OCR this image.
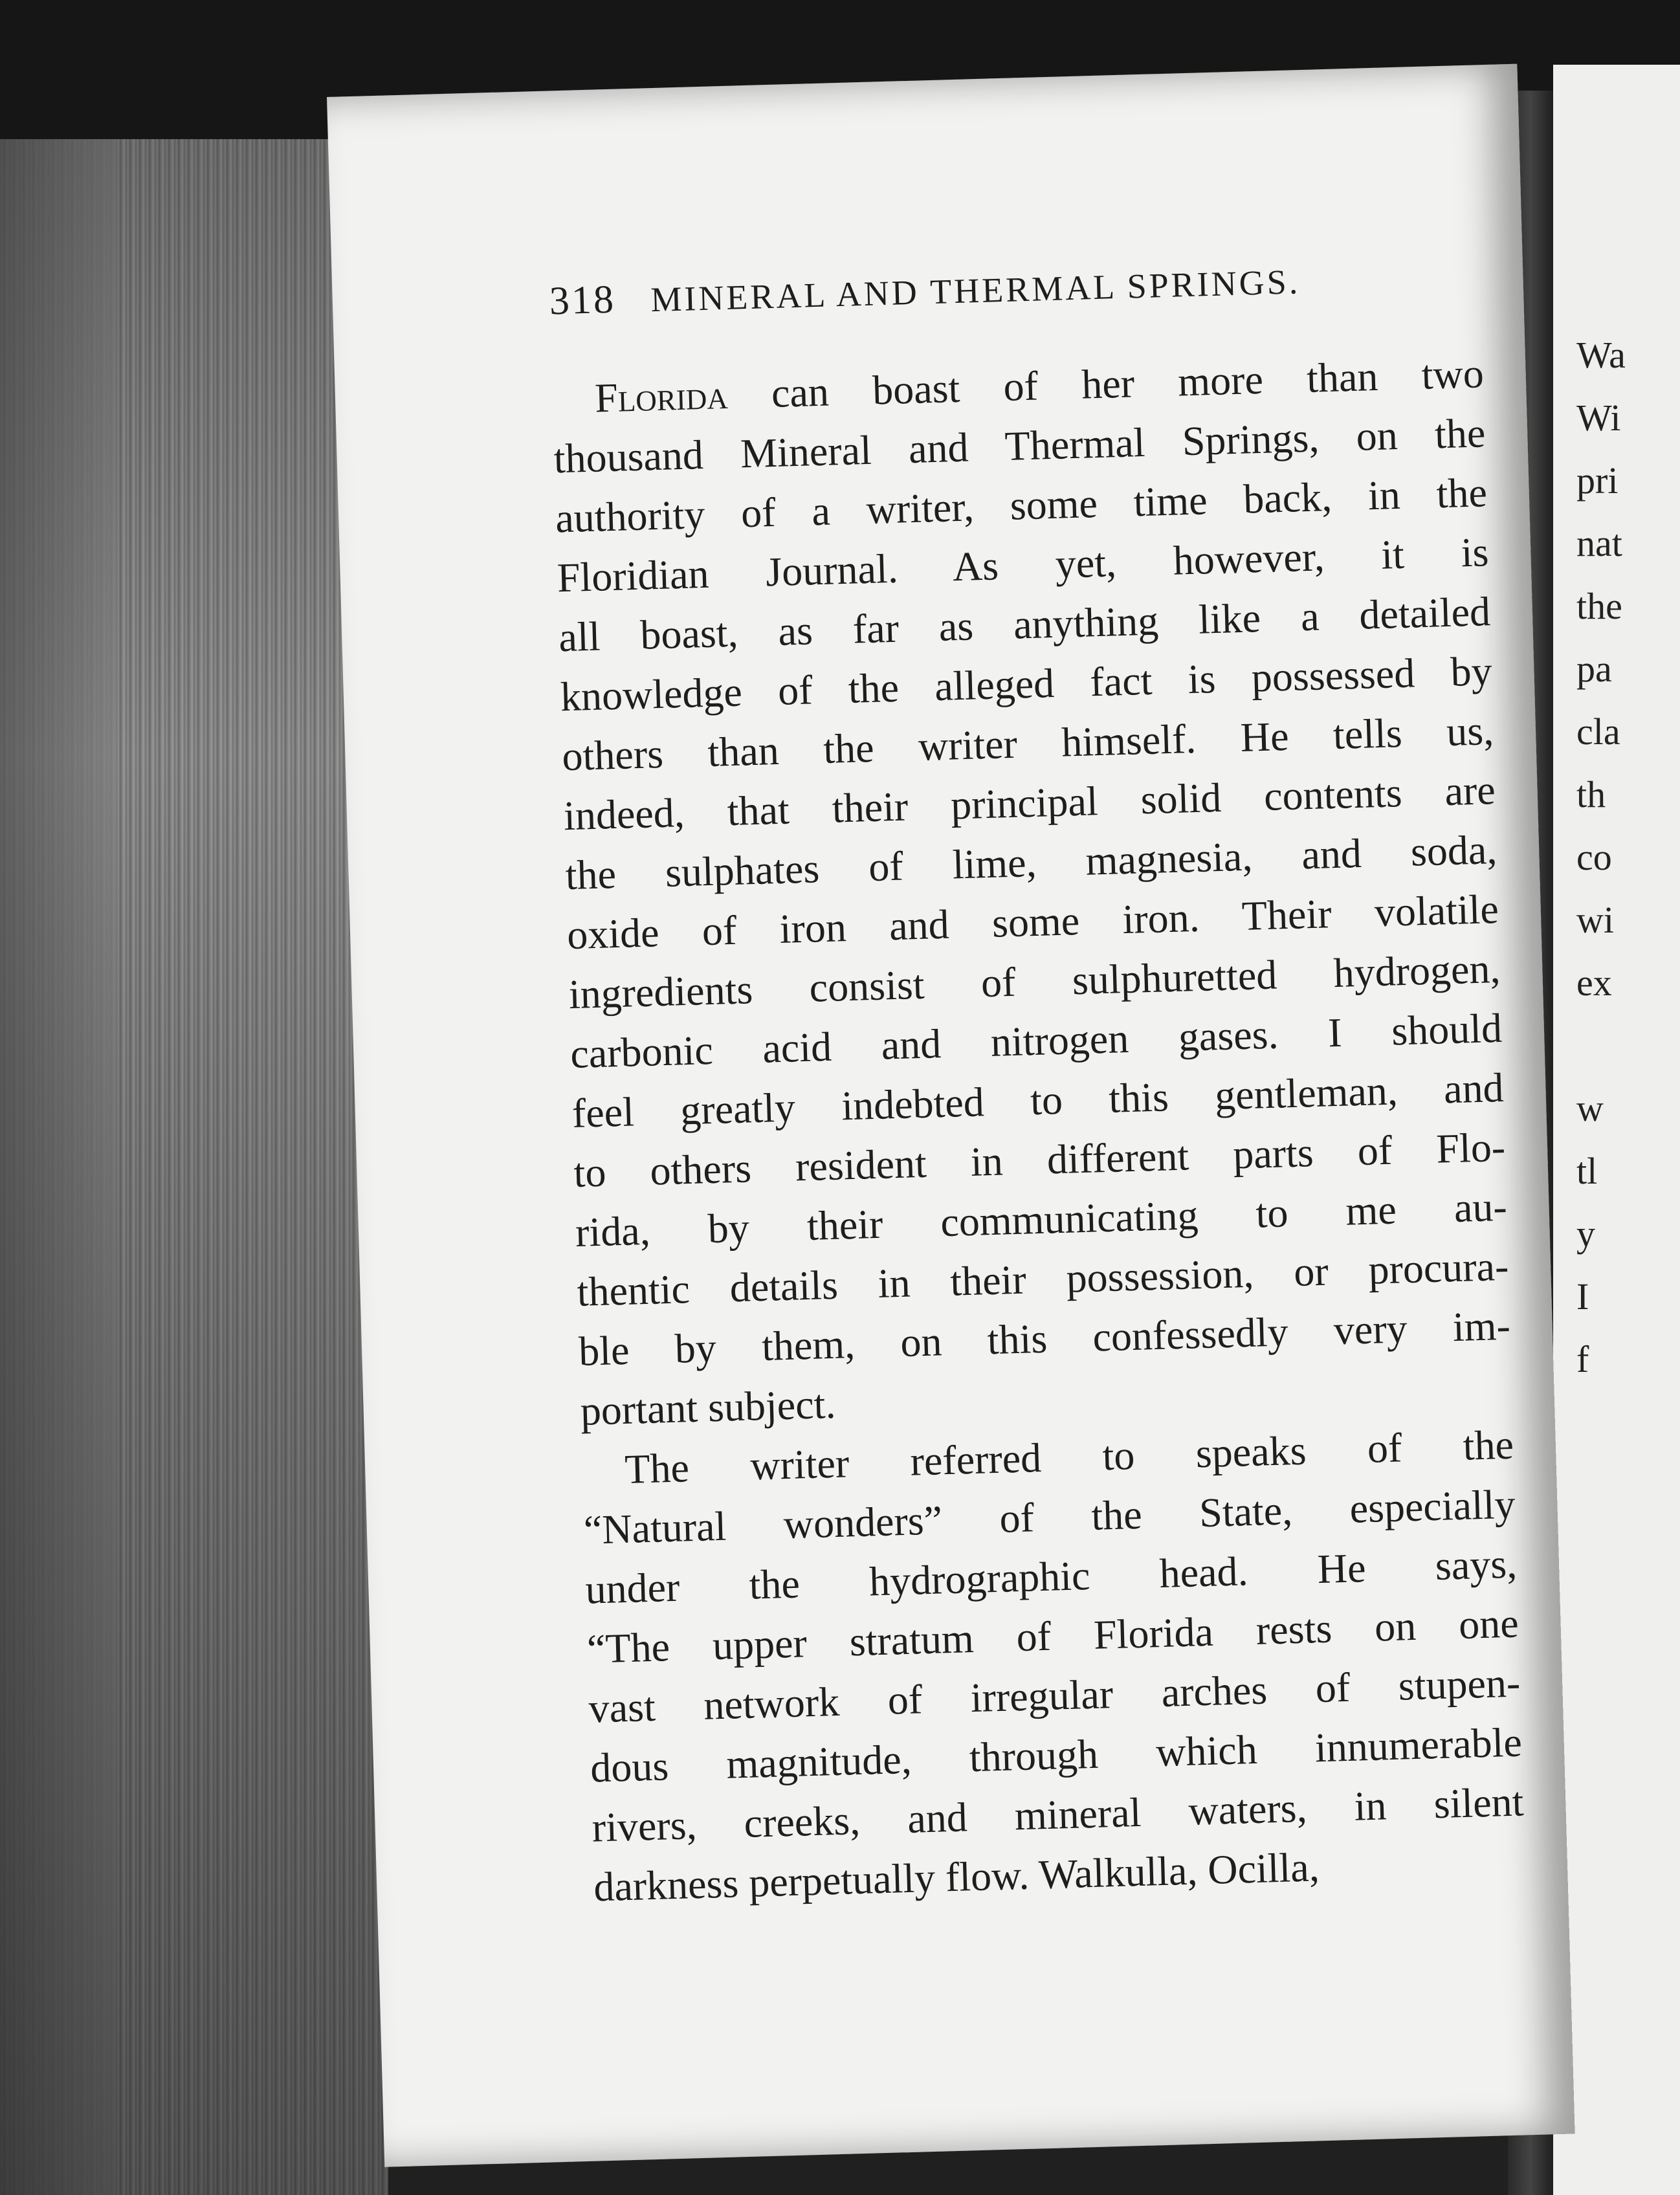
Wa
Wi
pri
nat
the
pa
cla
th
co
wi
ex

w
tl
y
I
f
318 MINERAL AND THERMAL SPRINGS.
Florida can boast of her more than two
thousand Mineral and Thermal Springs, on the
authority of a writer, some time back, in the
Floridian Journal. As yet, however, it is
all boast, as far as anything like a detailed
knowledge of the alleged fact is possessed by
others than the writer himself. He tells us,
indeed, that their principal solid contents are
the sulphates of lime, magnesia, and soda,
oxide of iron and some iron. Their volatile
ingredients consist of sulphuretted hydrogen,
carbonic acid and nitrogen gases. I should
feel greatly indebted to this gentleman, and
to others resident in different parts of Flo-
rida, by their communicating to me au-
thentic details in their possession, or procura-
ble by them, on this confessedly very im-
portant subject.
The writer referred to speaks of the
“Natural wonders” of the State, especially
under the hydrographic head. He says,
“The upper stratum of Florida rests on one
vast network of irregular arches of stupen-
dous magnitude, through which innumerable
rivers, creeks, and mineral waters, in silent
darkness perpetually flow. Walkulla, Ocilla,
